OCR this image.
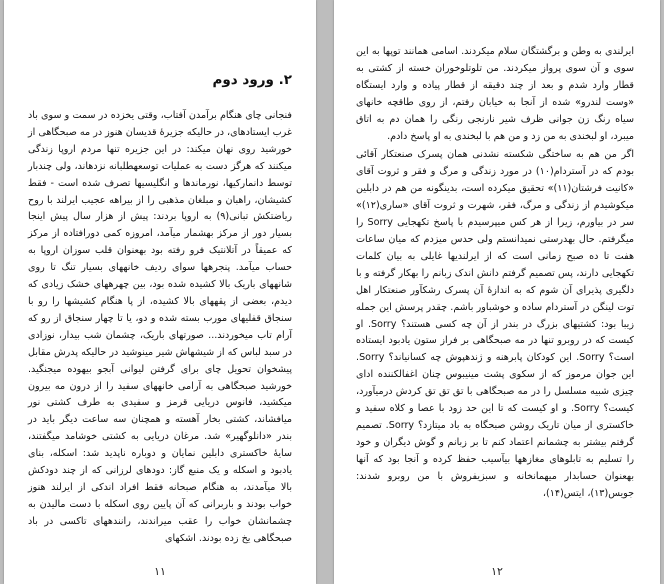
۲. ورود دوم

فنجانی چای هنگام برآمدن آفتاب، وقتی یخزده در سمت و سوی باد غرب ایستادهای، در حالیکه جزیرهٔ قدیسان هنوز در مه صبحگاهی از خورشید روی نهان میکند: در این جزیره تنها مردم اروپا زندگی میکنند که هرگز دست به عملیات توسعهطلبانه نزدهاند، ولی چندبار توسط دانمارکیها، نورماندها و انگلیسیها تصرف شده است - فقط کشیشان، راهبان و مبلغان مذهبی را از بیراهه عجیب ایرلند با روح ریاضتکش تبانی(۹) به اروپا بردند: پیش از هزار سال پیش اینجا بسیار دور از مرکز بهشمار میآمد، امروزه کمی دورافتاده از مرکز که عمیقاً در آتلانتیک فرو رفته بود بهعنوان قلب سوزان اروپا به حساب میآمد. پنجرهها سوای ردیف خانههای بسیار تنگ تا روی شانههای باریک بالا کشیده شده بود، بین چهرههای خشک زیادی که دیدم، بعضی از پقههای بالا کشیده، از پا هنگام کشیشها را رو با سنجاق قفلیهای مورب بسته شده و دو، یا تا چهار سنجاق از رو که آرام تاب میخوردند... صورتهای باریک، چشمان شب بیدار، نوزادی در سبد لباس که از شیشهاش شیر مینوشید در حالیکه پدرش مقابل پیشخوان تحویل چای برای گرفتن لیوانی آبجو بیهوده میجنگید. خورشید صبحگاهی به آرامی خانههای سفید را از درون مه بیرون میکشید، فانوس دریایی قرمز و سفیدی به طرف کشتی نور میافشاند، کشتی بخار آهسته و همچنان سه ساعت دیگر باید در بندر «دانلوگهیر» شد. مرغان دریایی به کشتی خوشامد میگفتند، سایهٔ خاکستری دابلین نمایان و دوباره ناپدید شد: اسکله، بنای یادبود و اسکله و یک منبع گاز: دودهای لرزانی که از چند دودکش بالا میآمدند، به هنگام صبحانه فقط افراد اندکی از ایرلند هنوز خواب بودند و باربرانی که آن پایین روی اسکله با دست مالیدن به چشمانشان خواب را عقب میراندند، رانندههای تاکسی در باد صبحگاهی یخ زده بودند. اشکهای

۱۱

ایرلندی به وطن و برگشتگان سلام میکردند. اسامی همانند توپها به این سوی و آن سوی پرواز میکردند. من تلوتلوخوران خسته از کشتی به قطار وارد شدم و بعد از چند دقیقه از قطار پیاده و وارد ایستگاه «وست لندرو» شده از آنجا به خیابان رفتم، از روی طاقچه خانهای سیاه رنگ زن جوانی ظرف شیر نارنجی رنگی را همان دم به اتاق میبرد، او لبخندی به من زد و من هم با لبخندی به او پاسخ دادم.

اگر من هم به ساختگی شکسته نشدنی همان پسرک صنعتکار آقائی بودم که در آستردام(۱۰) در مورد زندگی و مرگ و فقر و ثروت آقای «کانیت فرشتان(۱۱)» تحقیق میکرده است، بدینگونه من هم در دابلین میکوشیدم از زندگی و مرگ، فقر، شهرت و ثروت آقای «ساری(۱۲)» سر در بیاورم، زیرا از هر کس میپرسیدم با پاسخ تکهجایی Sorry را میگرفتم. حال بهدرستی نمیدانستم ولی حدس میزدم که میان ساعات هفت تا ده صبح زمانی است که از ایرلندیها غایلی به بیان کلمات تکهجایی دارند، پس تصمیم گرفتم دانش اندک زبانم را بهکار گرفته و با دلگیری پذیرای آن شوم که به اندازهٔ آن پسرک رشکآور صنعتکار اهل توت لینگن در آستردام ساده و خوشباور باشم. چقدر پرسش این جمله زیبا بود: کشتیهای بزرگ در بندر از آن چه کسی هستند؟ Sorry. او کیست که در روبرو تنها در مه صبحگاهی بر فراز ستون یادبود ایستاده است؟ Sorry. این کودکان پابرهنه و ژندهپوش چه کسانیاند؟ Sorry. این جوان مرموز که از سکوی پشت مینیبوس چنان اغفالکننده ادای چیزی شبیه مسلسل را در مه صبحگاهی با تق تق تق کردش درمیآورد، کیست؟ Sorry. و او کیست که تا این حد زود با عصا و کلاه سفید و خاکستری از میان تاریک روشن صبحگاه به باد میتازد؟ Sorry. تصمیم گرفتم بیشتر به چشمانم اعتماد کنم تا بر زبانم و گوش دیگران و خود را تسلیم به تابلوهای مغازهها بیآسیب حفظ کرده و آنجا بود که آنها بهعنوان حسابدار میهمانخانه و سبزیفروش با من روبرو شدند: جویس(۱۳)، ایتس(۱۴)،

۱۲
